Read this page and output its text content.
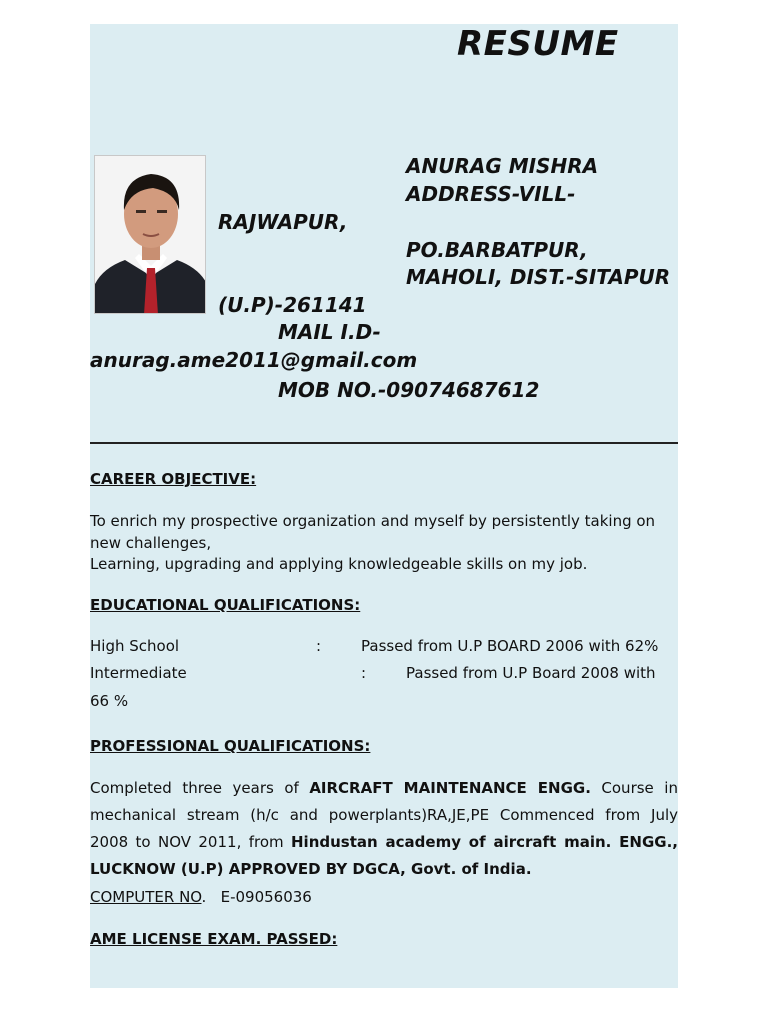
RESUME
ANURAG MISHRA
ADDRESS-VILL-
RAJWAPUR,
PO.BARBATPUR,
MAHOLI, DIST.-SITAPUR
(U.P)-261141
MAIL I.D-
anurag.ame2011@gmail.com
MOB NO.-09074687612
CAREER OBJECTIVE:
To enrich my prospective organization and myself by persistently taking on
new challenges,
Learning, upgrading and applying knowledgeable skills on my job.
EDUCATIONAL QUALIFICATIONS:
High School	:	Passed from U.P BOARD 2006 with 62%
Intermediate	:	Passed from U.P Board 2008 with
66 %
PROFESSIONAL QUALIFICATIONS:
Completed three years of AIRCRAFT MAINTENANCE ENGG. Course in mechanical stream (h/c and powerplants)RA,JE,PE Commenced from July 2008 to NOV 2011, from Hindustan academy of aircraft main. ENGG., LUCKNOW (U.P) APPROVED BY DGCA, Govt. of India.
COMPUTER NO. E-09056036
AME LICENSE EXAM. PASSED:
